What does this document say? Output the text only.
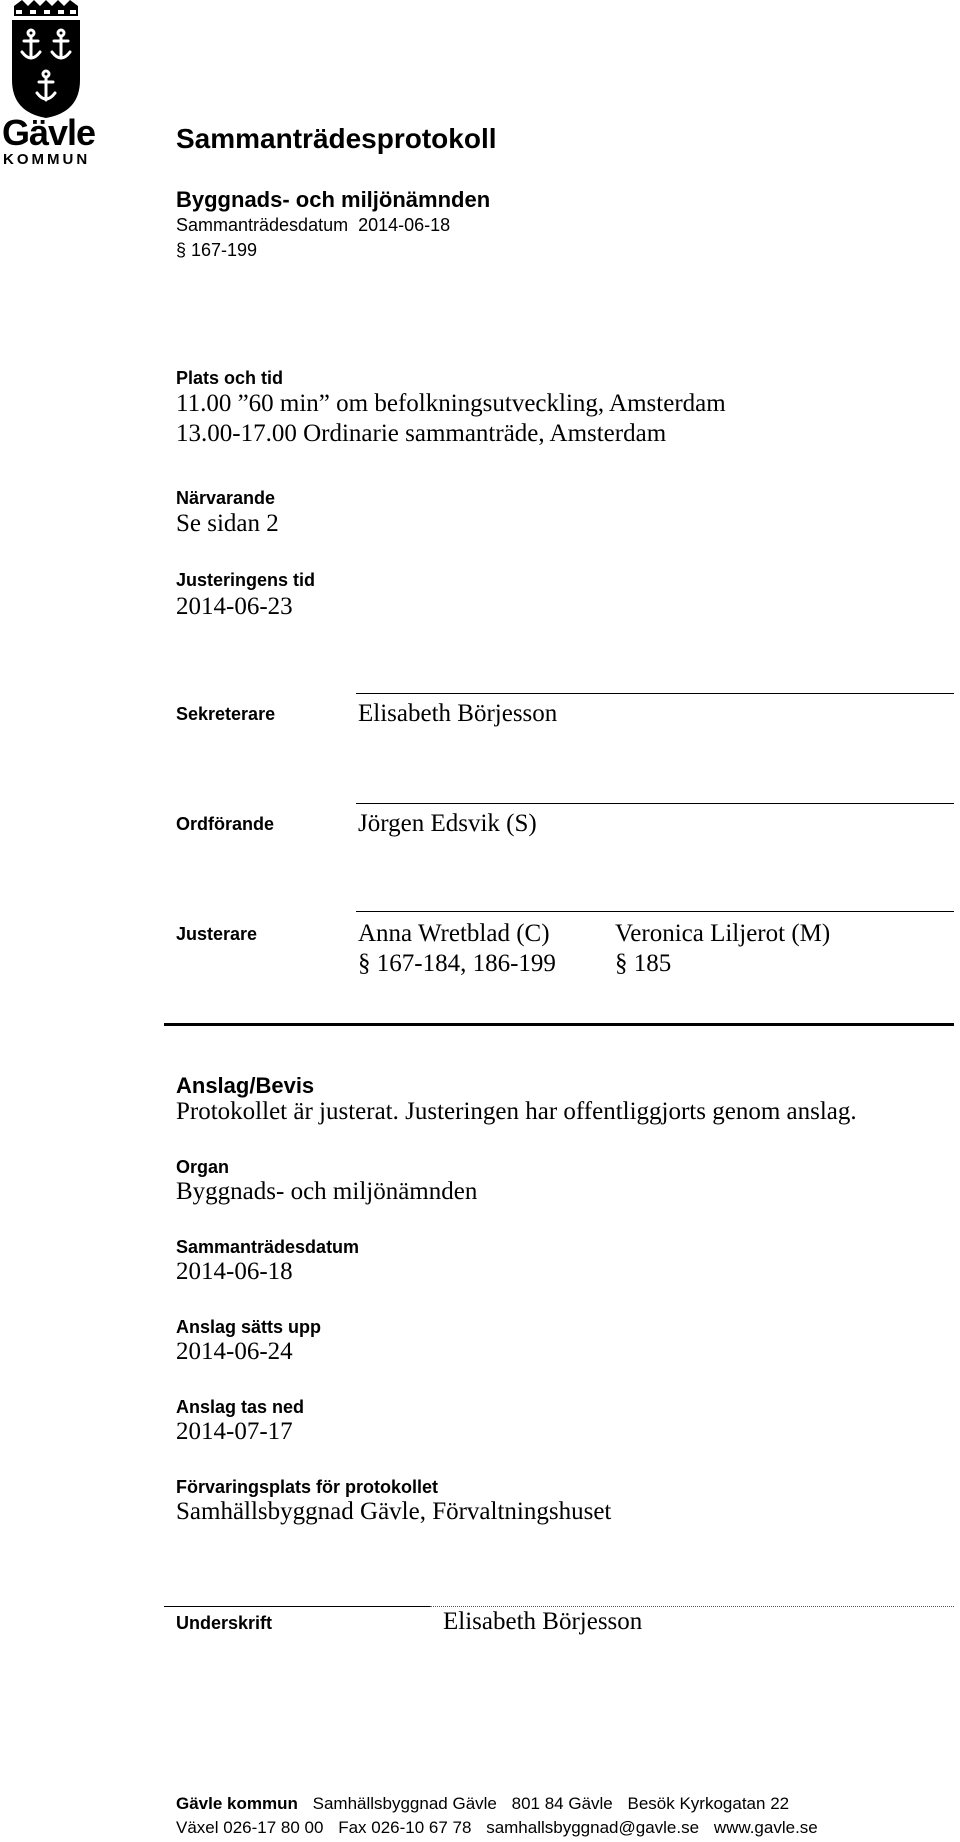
Gävle
KOMMUN
Sammanträdesprotokoll
Byggnads- och miljönämnden
Sammanträdesdatum  2014-06-18
§ 167-199
Plats och tid
11.00 ”60 min” om befolkningsutveckling, Amsterdam
13.00-17.00 Ordinarie sammanträde, Amsterdam
Närvarande
Se sidan 2
Justeringens tid
2014-06-23
Sekreterare	Elisabeth Börjesson
Ordförande	Jörgen Edsvik (S)
Justerare	Anna Wretblad (C)
§ 167-184, 186-199
Veronica Liljerot (M)
§ 185
Anslag/Bevis
Protokollet är justerat. Justeringen har offentliggjorts genom anslag.
Organ
Byggnads- och miljönämnden
Sammanträdesdatum
2014-06-18
Anslag sätts upp
2014-06-24
Anslag tas ned
2014-07-17
Förvaringsplats för protokollet
Samhällsbyggnad Gävle, Förvaltningshuset
Underskrift	Elisabeth Börjesson
Gävle kommun Samhällsbyggnad Gävle 801 84 Gävle Besök Kyrkogatan 22
Växel 026-17 80 00 Fax 026-10 67 78 samhallsbyggnad@gavle.se www.gavle.se
